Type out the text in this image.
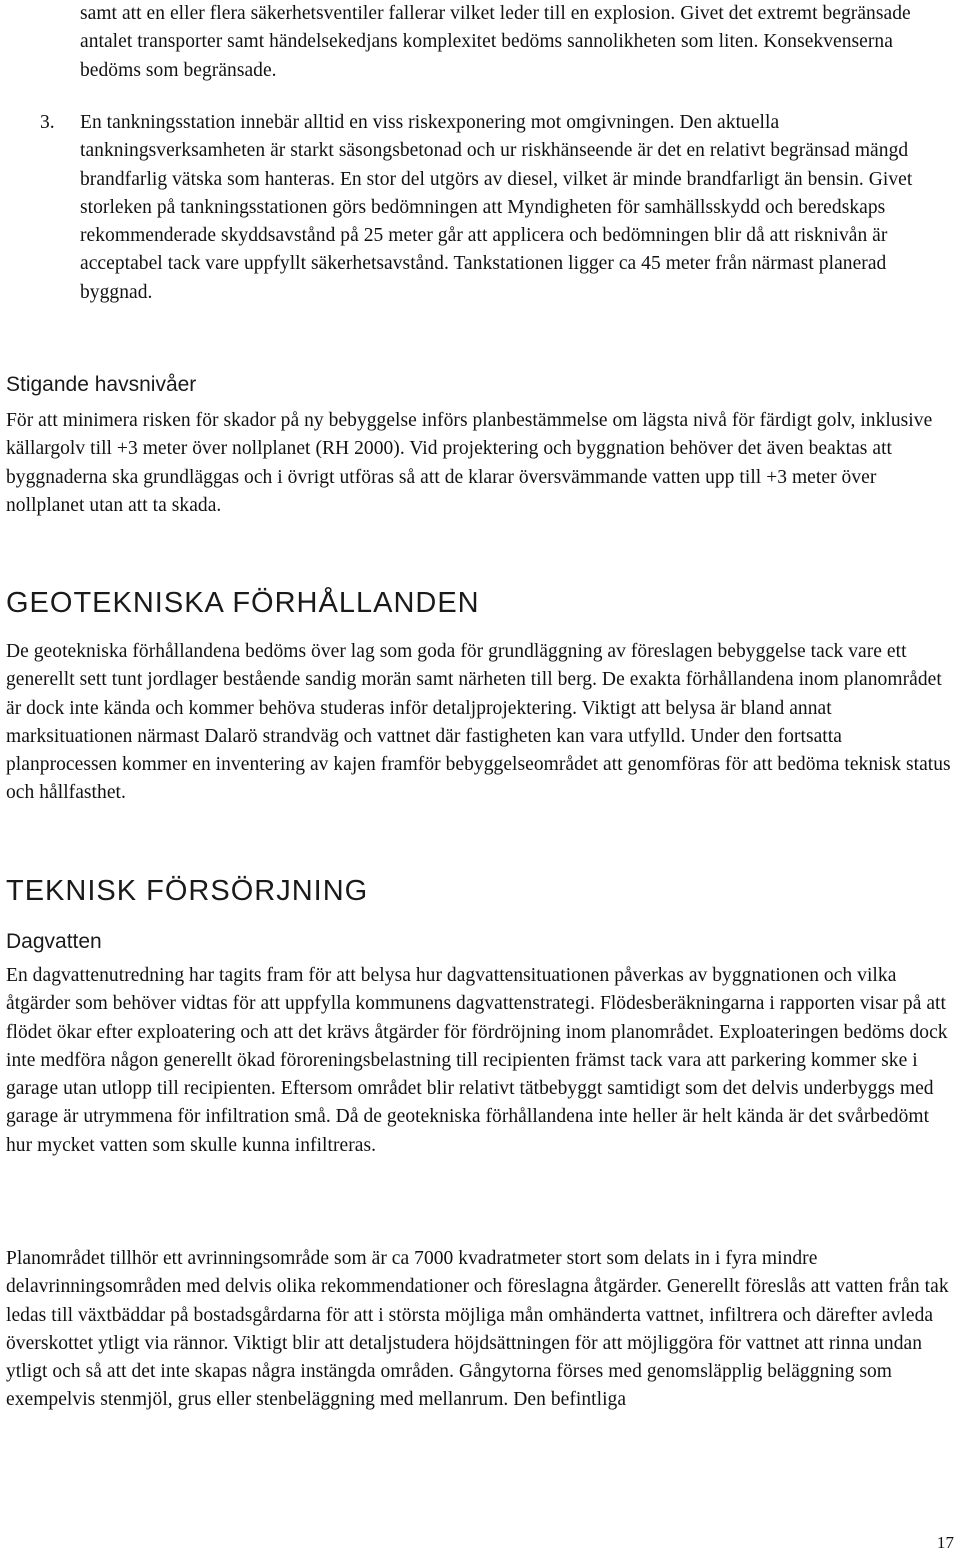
samt att en eller flera säkerhetsventiler fallerar vilket leder till en explosion. Givet det extremt begränsade antalet transporter samt händelsekedjans komplexitet bedöms sannolikheten som liten. Konsekvenserna bedöms som begränsade.

3. En tankningsstation innebär alltid en viss riskexponering mot omgivningen. Den aktuella tankningsverksamheten är starkt säsongsbetonad och ur riskhänseende är det en relativt begränsad mängd brandfarlig vätska som hanteras. En stor del utgörs av diesel, vilket är minde brandfarligt än bensin. Givet storleken på tankningsstationen görs bedömningen att Myndigheten för samhällsskydd och beredskaps rekommenderade skyddsavstånd på 25 meter går att applicera och bedömningen blir då att risknivån är acceptabel tack vare uppfyllt säkerhetsavstånd. Tankstationen ligger ca 45 meter från närmast planerad byggnad.

Stigande havsnivåer

För att minimera risken för skador på ny bebyggelse införs planbestämmelse om lägsta nivå för färdigt golv, inklusive källargolv till +3 meter över nollplanet (RH 2000). Vid projektering och byggnation behöver det även beaktas att byggnaderna ska grundläggas och i övrigt utföras så att de klarar översvämmande vatten upp till +3 meter över nollplanet utan att ta skada.

GEOTEKNISKA FÖRHÅLLANDEN

De geotekniska förhållandena bedöms över lag som goda för grundläggning av föreslagen bebyggelse tack vare ett generellt sett tunt jordlager bestående sandig morän samt närheten till berg. De exakta förhållandena inom planområdet är dock inte kända och kommer behöva studeras inför detaljprojektering. Viktigt att belysa är bland annat marksituationen närmast Dalarö strandväg och vattnet där fastigheten kan vara utfylld. Under den fortsatta planprocessen kommer en inventering av kajen framför bebyggelseområdet att genomföras för att bedöma teknisk status och hållfasthet.

TEKNISK FÖRSÖRJNING
Dagvatten

En dagvattenutredning har tagits fram för att belysa hur dagvattensituationen påverkas av byggnationen och vilka åtgärder som behöver vidtas för att uppfylla kommunens dagvattenstrategi. Flödesberäkningarna i rapporten visar på att flödet ökar efter exploatering och att det krävs åtgärder för fördröjning inom planområdet. Exploateringen bedöms dock inte medföra någon generellt ökad föroreningsbelastning till recipienten främst tack vara att parkering kommer ske i garage utan utlopp till recipienten. Eftersom området blir relativt tätbebyggt samtidigt som det delvis underbyggs med garage är utrymmena för infiltration små. Då de geotekniska förhållandena inte heller är helt kända är det svårbedömt hur mycket vatten som skulle kunna infiltreras.

Planområdet tillhör ett avrinningsområde som är ca 7000 kvadratmeter stort som delats in i fyra mindre delavrinningsområden med delvis olika rekommendationer och föreslagna åtgärder. Generellt föreslås att vatten från tak ledas till växtbäddar på bostadsgårdarna för att i största möjliga mån omhänderta vattnet, infiltrera och därefter avleda överskottet ytligt via rännor. Viktigt blir att detaljstudera höjdsättningen för att möjliggöra för vattnet att rinna undan ytligt och så att det inte skapas några instängda områden. Gångytorna förses med genomsläpplig beläggning som exempelvis stenmjöl, grus eller stenbeläggning med mellanrum. Den befintliga

17
